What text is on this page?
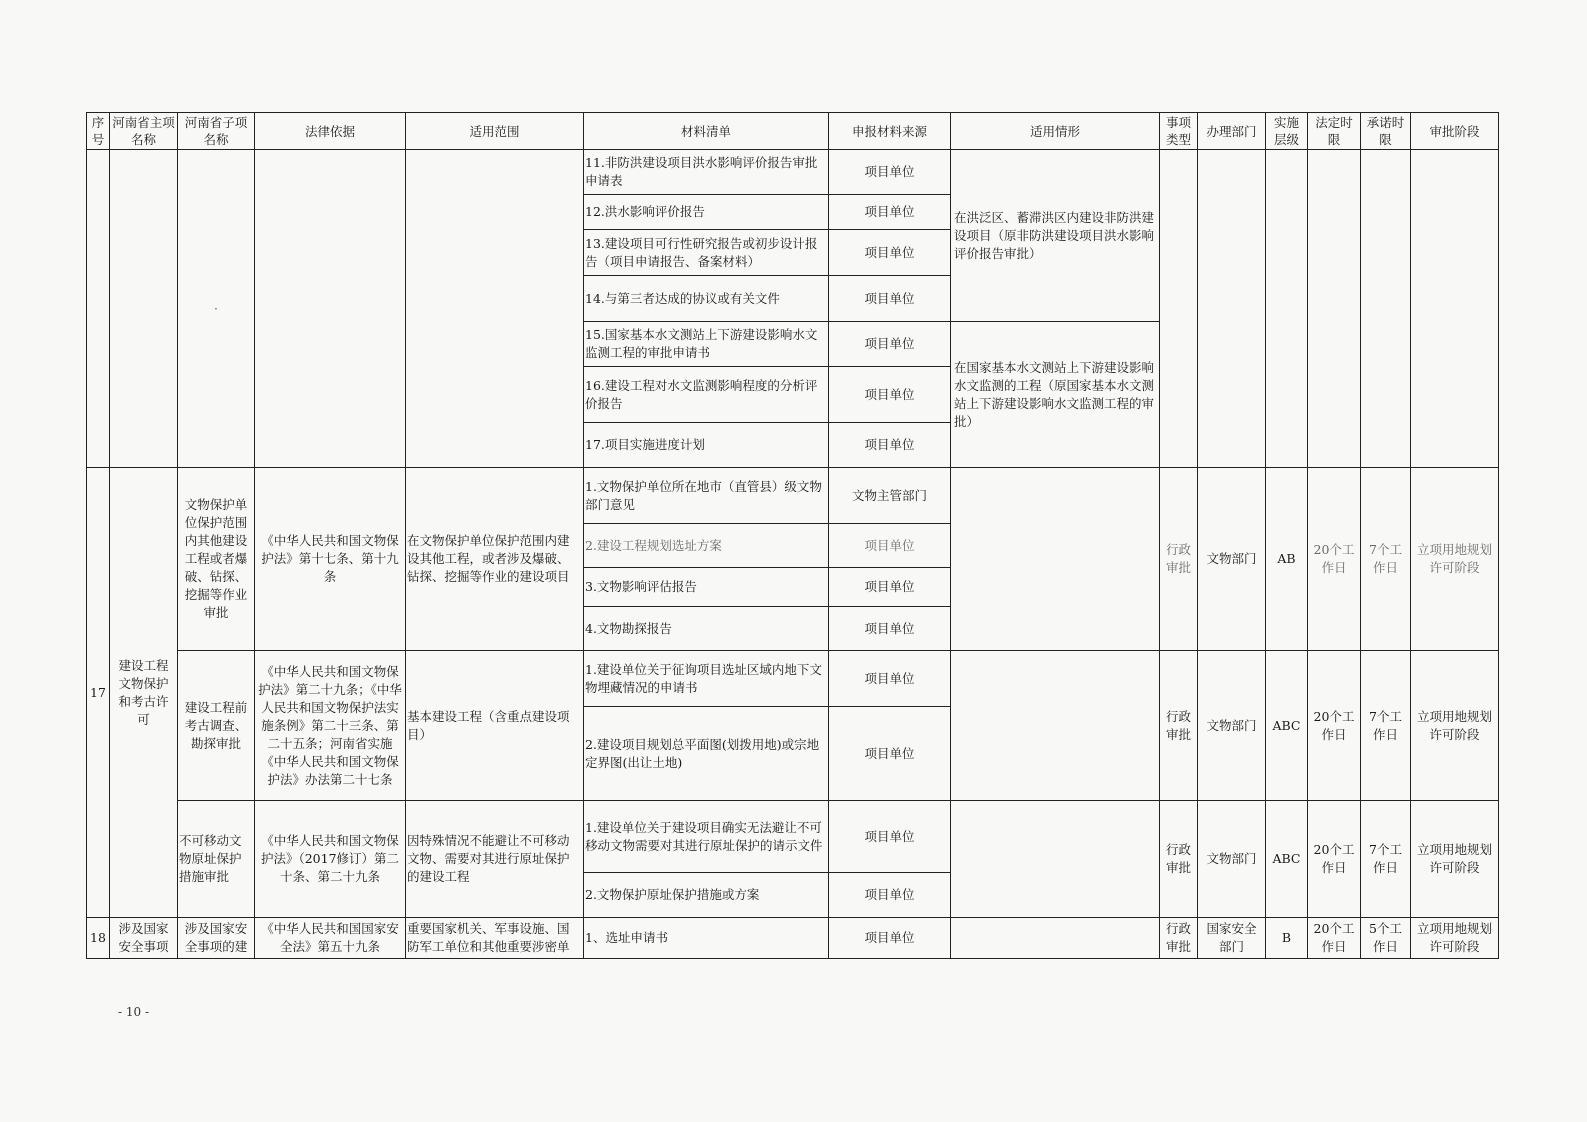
序号	河南省主项名称	河南省子项名称	法律依据	适用范围	材料清单	申报材料来源	适用情形	事项类型	办理部门	实施层级	法定时限	承诺时限	审批阶段
		·			11.非防洪建设项目洪水影响评价报告审批申请表	项目单位	在洪泛区、蓄滞洪区内建设非防洪建设项目（原非防洪建设项目洪水影响评价报告审批）						
					12.洪水影响评价报告	项目单位							
					13.建设项目可行性研究报告或初步设计报告（项目申请报告、备案材料）	项目单位							
					14.与第三者达成的协议或有关文件	项目单位							
					15.国家基本水文测站上下游建设影响水文监测工程的审批申请书	项目单位	在国家基本水文测站上下游建设影响水文监测的工程（原国家基本水文测站上下游建设影响水文监测工程的审批）						
					16.建设工程对水文监测影响程度的分析评价报告	项目单位							
					17.项目实施进度计划	项目单位							
17	建设工程文物保护和考古许可	文物保护单位保护范围内其他建设工程或者爆破、钻探、挖掘等作业审批	《中华人民共和国文物保护法》第十七条、第十九条	在文物保护单位保护范围内建设其他工程，或者涉及爆破、钻探、挖掘等作业的建设项目	1.文物保护单位所在地市（直管县）级文物部门意见	文物主管部门		行政审批	文物部门	AB	20个工作日	7个工作日	立项用地规划许可阶段
					2.建设工程规划选址方案	项目单位							
					3.文物影响评估报告	项目单位							
					4.文物勘探报告	项目单位							
		建设工程前考古调查、勘探审批	《中华人民共和国文物保护法》第二十九条；《中华人民共和国文物保护法实施条例》第二十三条、第二十五条；河南省实施《中华人民共和国文物保护法》办法第二十七条	基本建设工程（含重点建设项目）	1.建设单位关于征询项目选址区域内地下文物埋藏情况的申请书	项目单位		行政审批	文物部门	ABC	20个工作日	7个工作日	立项用地规划许可阶段
					2.建设项目规划总平面图(划拨用地)或宗地定界图(出让土地)	项目单位							
		不可移动文物原址保护措施审批	《中华人民共和国文物保护法》（2017修订）第二十条、第二十九条	因特殊情况不能避让不可移动文物、需要对其进行原址保护的建设工程	1.建设单位关于建设项目确实无法避让不可移动文物需要对其进行原址保护的请示文件	项目单位		行政审批	文物部门	ABC	20个工作日	7个工作日	立项用地规划许可阶段
					2.文物保护原址保护措施或方案	项目单位							
18	涉及国家安全事项	涉及国家安全事项的建	《中华人民共和国国家安全法》第五十九条	重要国家机关、军事设施、国防军工单位和其他重要涉密单	1、选址申请书	项目单位		行政审批	国家安全部门	B	20个工作日	5个工作日	立项用地规划许可阶段
- 10 -
